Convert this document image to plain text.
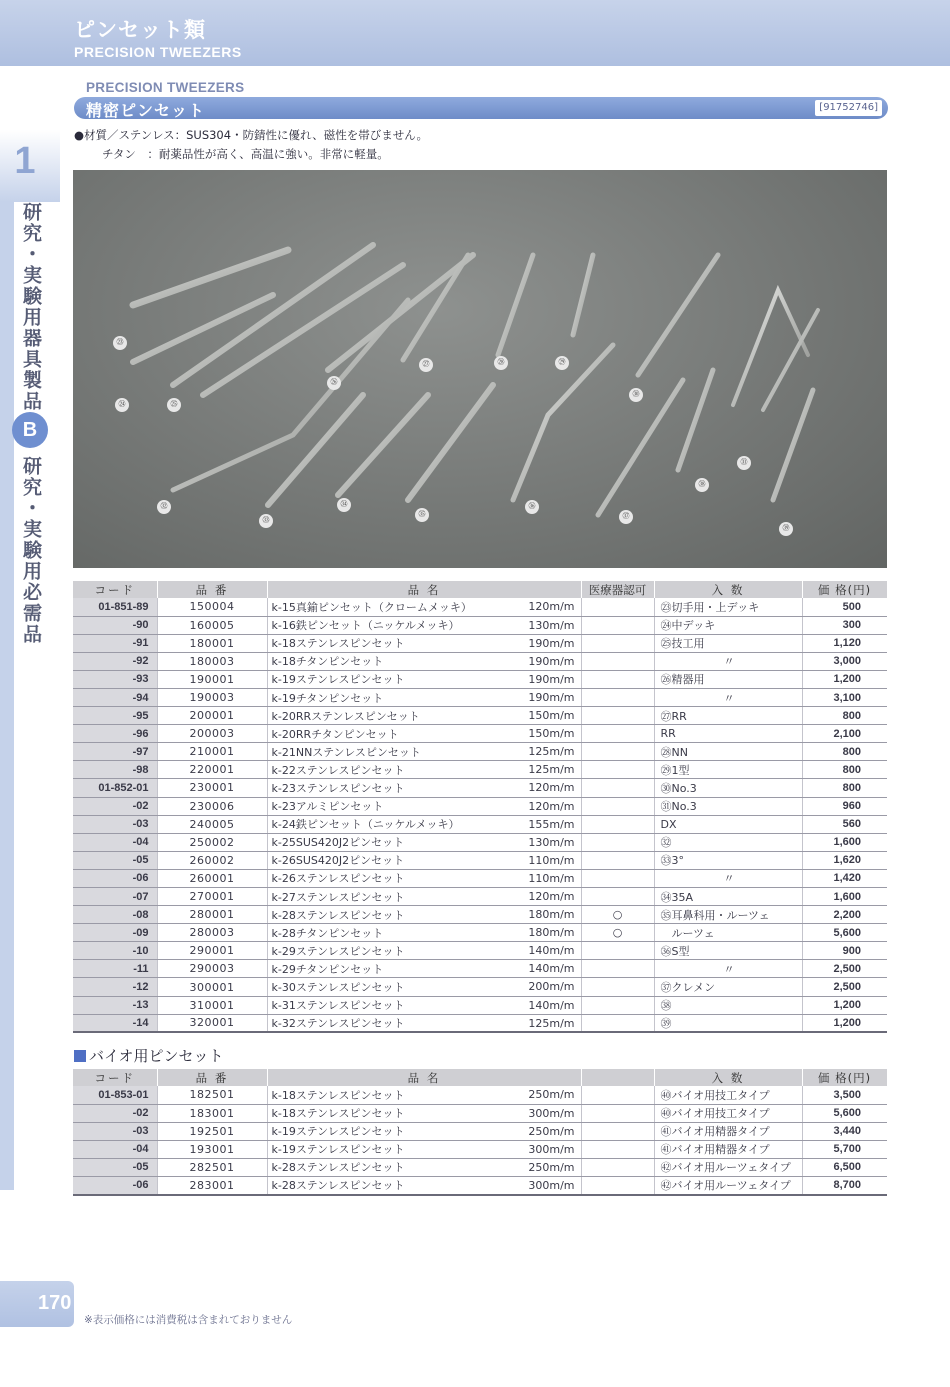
ピンセット類
PRECISION TWEEZERS
1
研究・実験用器具製品
B
研究・実験用必需品
PRECISION TWEEZERS
精密ピンセット	[91752746]
●材質／ステンレス：SUS304・防錆性に優れ、磁性を帯びません。
チタン　：耐薬品性が高く、高温に強い。非常に軽量。
㉓
㉔	㉕
㉖
㉗	㉘	㉙
㉚
㉛
㉜
㉝
㉞
㉟
㊱
㊲
㊳
㊴
コード	品 番	品 名	医療器認可	入 数	価 格(円)
01-851-89	150004	k-15真鍮ピンセット（クロームメッキ） 120m/m		㉓切手用・上デッキ	500
-90	160005	k-16鉄ピンセット（ニッケルメッキ） 130m/m		㉔中デッキ	300
-91	180001	k-18ステンレスピンセット 190m/m		㉕技工用	1,120
-92	180003	k-18チタンピンセット 190m/m		〃	3,000
-93	190001	k-19ステンレスピンセット 190m/m		㉖精器用	1,200
-94	190003	k-19チタンピンセット 190m/m		〃	3,100
-95	200001	k-20RRステンレスピンセット 150m/m		㉗RR	800
-96	200003	k-20RRチタンピンセット 150m/m		RR	2,100
-97	210001	k-21NNステンレスピンセット 125m/m		㉘NN	800
-98	220001	k-22ステンレスピンセット 125m/m		㉙1型	800
01-852-01	230001	k-23ステンレスピンセット 120m/m		㉚No.3	800
-02	230006	k-23アルミピンセット 120m/m		㉛No.3	960
-03	240005	k-24鉄ピンセット（ニッケルメッキ） 155m/m		DX	560
-04	250002	k-25SUS420J2ピンセット 130m/m		㉜	1,600
-05	260002	k-26SUS420J2ピンセット 110m/m		㉝3°	1,620
-06	260001	k-26ステンレスピンセット 110m/m		〃	1,420
-07	270001	k-27ステンレスピンセット 120m/m		㉞35A	1,600
-08	280001	k-28ステンレスピンセット 180m/m	○	㉟耳鼻科用・ルーツェ	2,200
-09	280003	k-28チタンピンセット 180m/m	○	　ルーツェ	5,600
-10	290001	k-29ステンレスピンセット 140m/m		㊱S型	900
-11	290003	k-29チタンピンセット 140m/m		〃	2,500
-12	300001	k-30ステンレスピンセット 200m/m		㊲クレメン	2,500
-13	310001	k-31ステンレスピンセット 140m/m		㊳	1,200
-14	320001	k-32ステンレスピンセット 125m/m		㊴	1,200
バイオ用ピンセット
コード	品 番	品 名		入 数	価 格(円)
01-853-01	182501	k-18ステンレスピンセット 250m/m		㊵バイオ用技工タイプ	3,500
-02	183001	k-18ステンレスピンセット 300m/m		㊵バイオ用技工タイプ	5,600
-03	192501	k-19ステンレスピンセット 250m/m		㊶バイオ用精器タイプ	3,440
-04	193001	k-19ステンレスピンセット 300m/m		㊶バイオ用精器タイプ	5,700
-05	282501	k-28ステンレスピンセット 250m/m		㊷バイオ用ルーツェタイプ	6,500
-06	283001	k-28ステンレスピンセット 300m/m		㊷バイオ用ルーツェタイプ	8,700
170
※表示価格には消費税は含まれておりません
